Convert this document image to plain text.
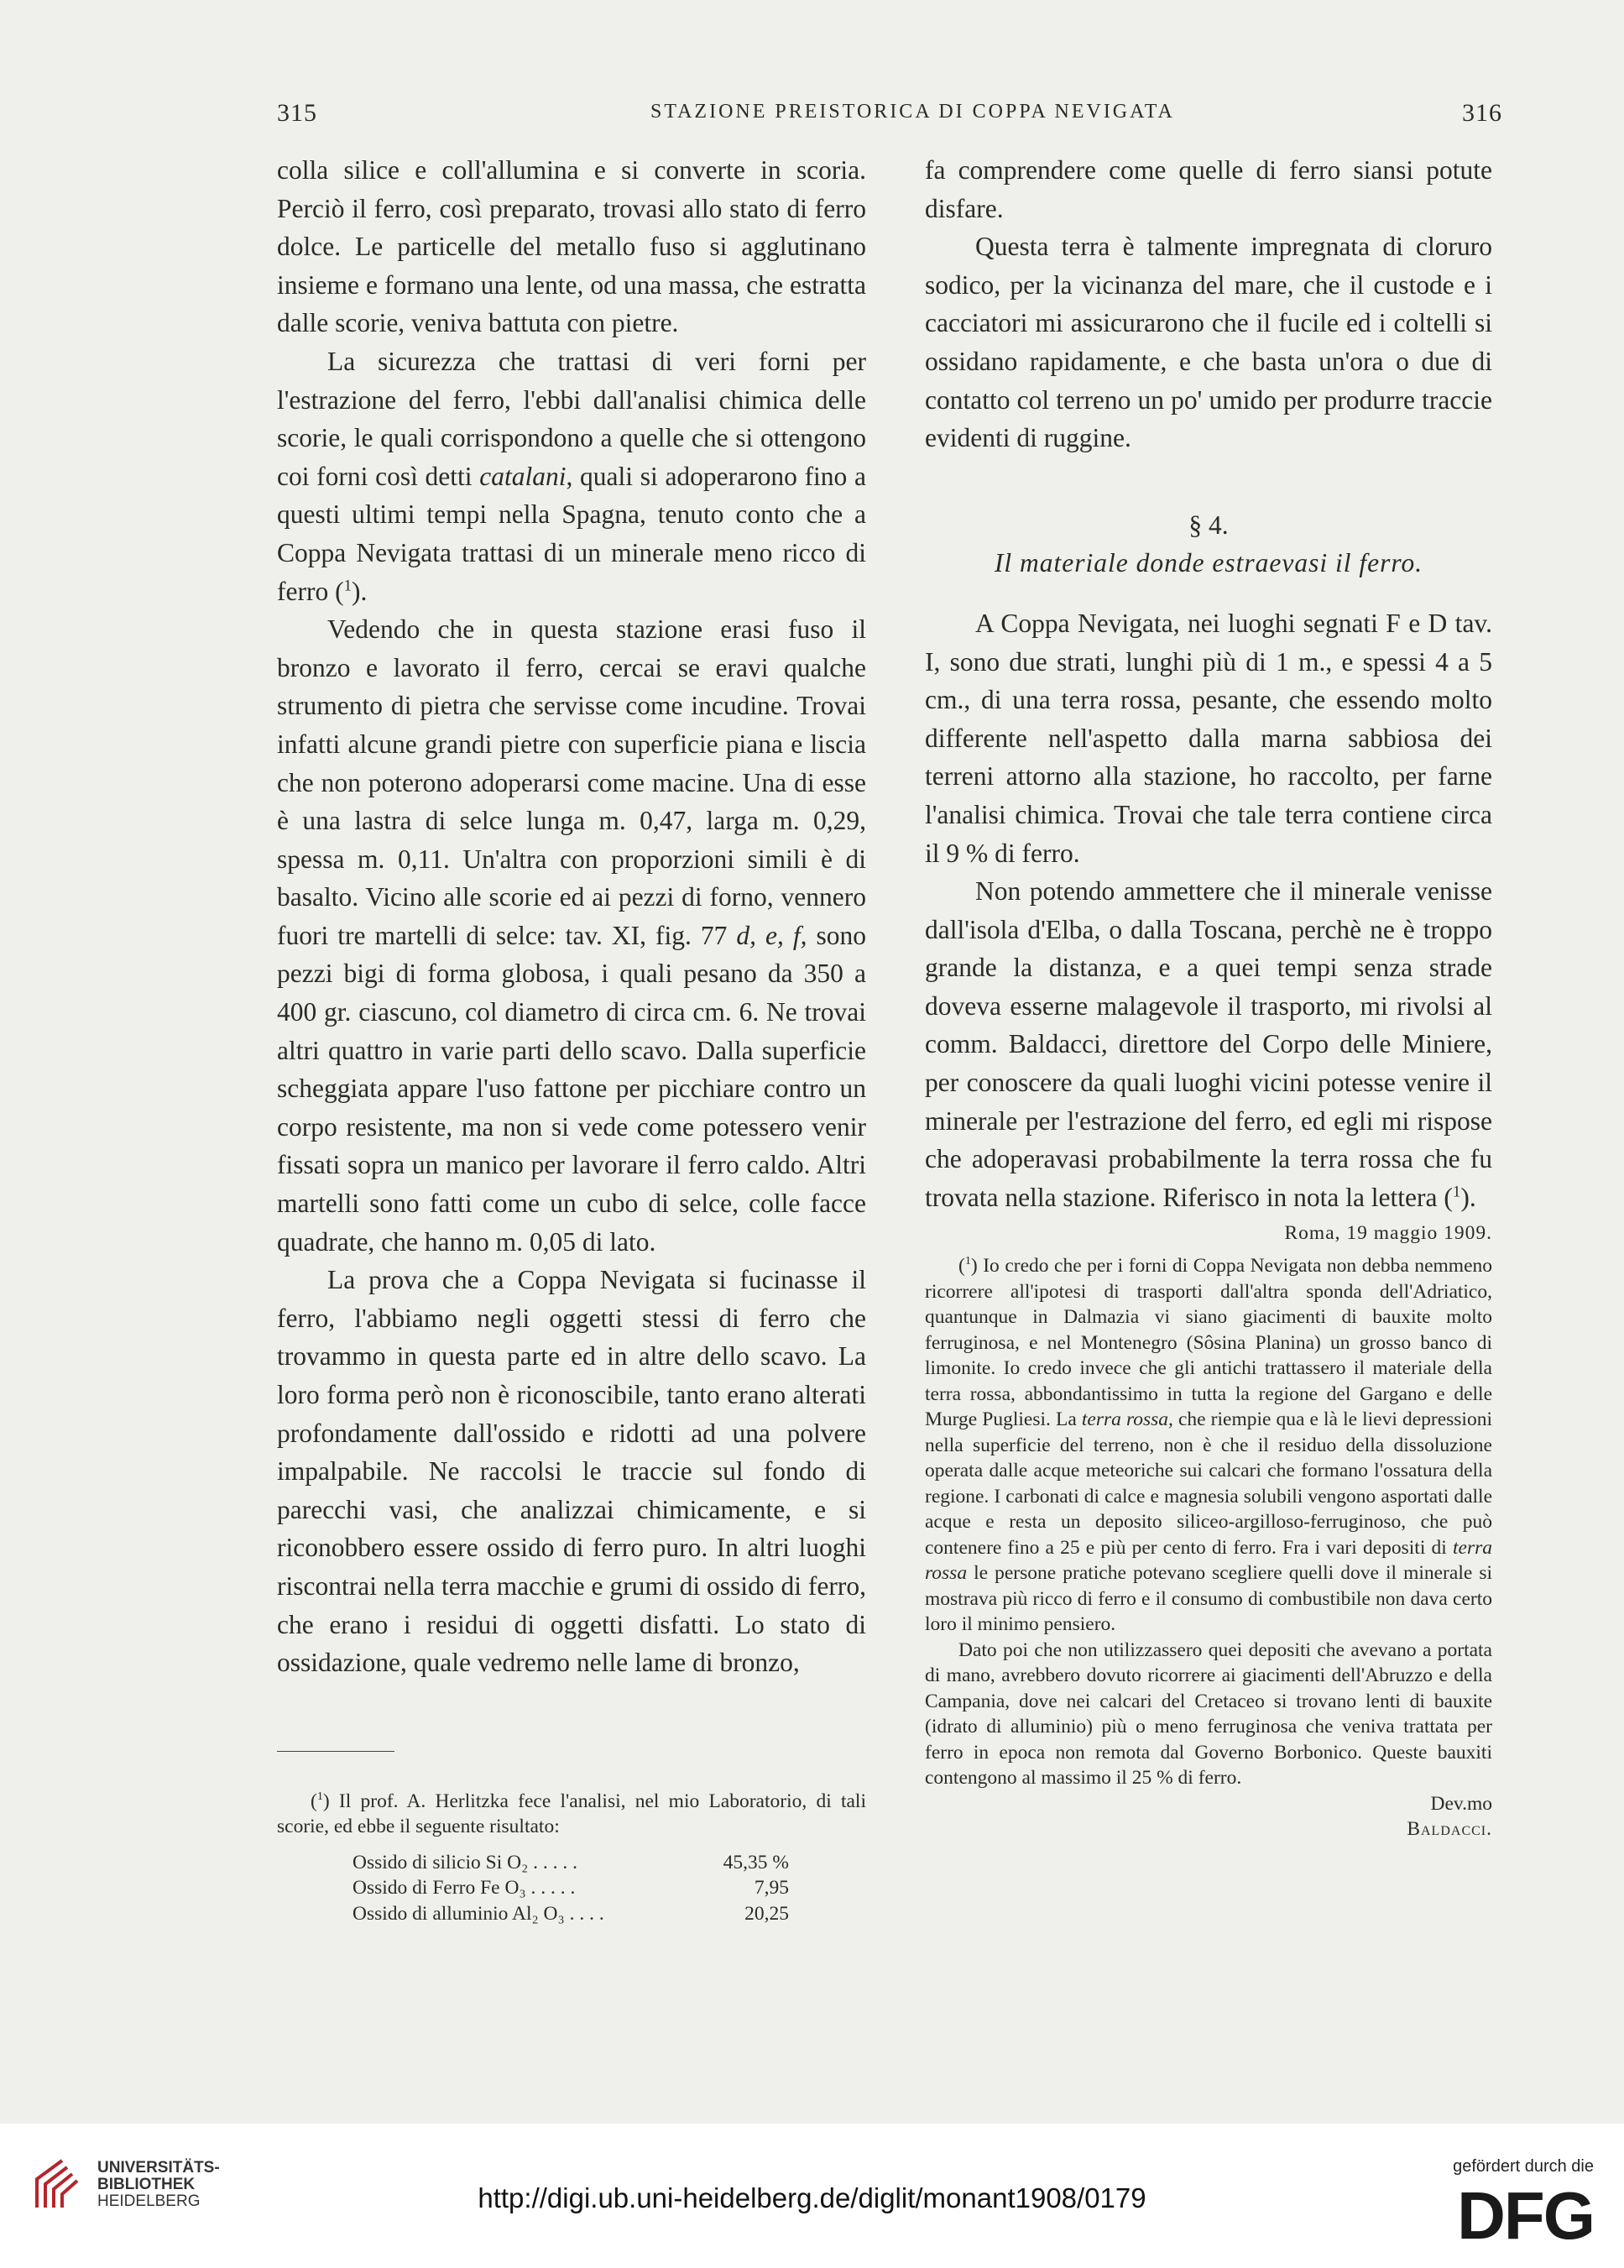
315	STAZIONE PREISTORICA DI COPPA NEVIGATA	316

colla silice e coll'allumina e si converte in scoria. Perciò il ferro, così preparato, trovasi allo stato di ferro dolce. Le particelle del metallo fuso si agglutinano insieme e formano una lente, od una massa, che estratta dalle scorie, veniva battuta con pietre.

La sicurezza che trattasi di veri forni per l'estrazione del ferro, l'ebbi dall'analisi chimica delle scorie, le quali corrispondono a quelle che si ottengono coi forni così detti catalani, quali si adoperarono fino a questi ultimi tempi nella Spagna, tenuto conto che a Coppa Nevigata trattasi di un minerale meno ricco di ferro ($^1$).

Vedendo che in questa stazione erasi fuso il bronzo e lavorato il ferro, cercai se eravi qualche strumento di pietra che servisse come incudine. Trovai infatti alcune grandi pietre con superficie piana e liscia che non poterono adoperarsi come macine. Una di esse è una lastra di selce lunga m. 0,47, larga m. 0,29, spessa m. 0,11. Un'altra con proporzioni simili è di basalto. Vicino alle scorie ed ai pezzi di forno, vennero fuori tre martelli di selce: tav. XI, fig. 77 d, e, f, sono pezzi bigi di forma globosa, i quali pesano da 350 a 400 gr. ciascuno, col diametro di circa cm. 6. Ne trovai altri quattro in varie parti dello scavo. Dalla superficie scheggiata appare l'uso fattone per picchiare contro un corpo resistente, ma non si vede come potessero venir fissati sopra un manico per lavorare il ferro caldo. Altri martelli sono fatti come un cubo di selce, colle facce quadrate, che hanno m. 0,05 di lato.

La prova che a Coppa Nevigata si fucinasse il ferro, l'abbiamo negli oggetti stessi di ferro che trovammo in questa parte ed in altre dello scavo. La loro forma però non è riconoscibile, tanto erano alterati profondamente dall'ossido e ridotti ad una polvere impalpabile. Ne raccolsi le traccie sul fondo di parecchi vasi, che analizzai chimicamente, e si riconobbero essere ossido di ferro puro. In altri luoghi riscontrai nella terra macchie e grumi di ossido di ferro, che erano i residui di oggetti disfatti. Lo stato di ossidazione, quale vedremo nelle lame di bronzo,

($^1$) Il prof. A. Herlitzka fece l'analisi, nel mio Laboratorio, di tali scorie, ed ebbe il seguente risultato:

Ossido di silicio Si O₂ . . . . .	45,35 %
Ossido di Ferro Fe O₃ . . . . .	7,95
Ossido di alluminio Al₂ O₃ . . . .	20,25

fa comprendere come quelle di ferro siansi potute disfare.

Questa terra è talmente impregnata di cloruro sodico, per la vicinanza del mare, che il custode e i cacciatori mi assicurarono che il fucile ed i coltelli si ossidano rapidamente, e che basta un'ora o due di contatto col terreno un po' umido per produrre traccie evidenti di ruggine.

§ 4.

Il materiale donde estraevasi il ferro.

A Coppa Nevigata, nei luoghi segnati F e D tav. I, sono due strati, lunghi più di 1 m., e spessi 4 a 5 cm., di una terra rossa, pesante, che essendo molto differente nell'aspetto dalla marna sabbiosa dei terreni attorno alla stazione, ho raccolto, per farne l'analisi chimica. Trovai che tale terra contiene circa il 9 % di ferro.

Non potendo ammettere che il minerale venisse dall'isola d'Elba, o dalla Toscana, perchè ne è troppo grande la distanza, e a quei tempi senza strade doveva esserne malagevole il trasporto, mi rivolsi al comm. Baldacci, direttore del Corpo delle Miniere, per conoscere da quali luoghi vicini potesse venire il minerale per l'estrazione del ferro, ed egli mi rispose che adoperavasi probabilmente la terra rossa che fu trovata nella stazione. Riferisco in nota la lettera ($^1$).

Roma, 19 maggio 1909.

($^1$) Io credo che per i forni di Coppa Nevigata non debba nemmeno ricorrere all'ipotesi di trasporti dall'altra sponda dell'Adriatico, quantunque in Dalmazia vi siano giacimenti di bauxite molto ferruginosa, e nel Montenegro (Sôsina Planina) un grosso banco di limonite. Io credo invece che gli antichi trattassero il materiale della terra rossa, abbondantissimo in tutta la regione del Gargano e delle Murge Pugliesi. La terra rossa, che riempie qua e là le lievi depressioni nella superficie del terreno, non è che il residuo della dissoluzione operata dalle acque meteoriche sui calcari che formano l'ossatura della regione. I carbonati di calce e magnesia solubili vengono asportati dalle acque e resta un deposito siliceo-argilloso-ferruginoso, che può contenere fino a 25 e più per cento di ferro. Fra i vari depositi di terra rossa le persone pratiche potevano scegliere quelli dove il minerale si mostrava più ricco di ferro e il consumo di combustibile non dava certo loro il minimo pensiero.

Dato poi che non utilizzassero quei depositi che avevano a portata di mano, avrebbero dovuto ricorrere ai giacimenti dell'Abruzzo e della Campania, dove nei calcari del Cretaceo si trovano lenti di bauxite (idrato di alluminio) più o meno ferruginosa che veniva trattata per ferro in epoca non remota dal Governo Borbonico. Queste bauxiti contengono al massimo il 25 % di ferro.

Dev.mo
Baldacci.
UNIVERSITÄTS-
BIBLIOTHEK
HEIDELBERG	http://digi.ub.uni-heidelberg.de/diglit/monant1908/0179
gefördert durch die
DFG
